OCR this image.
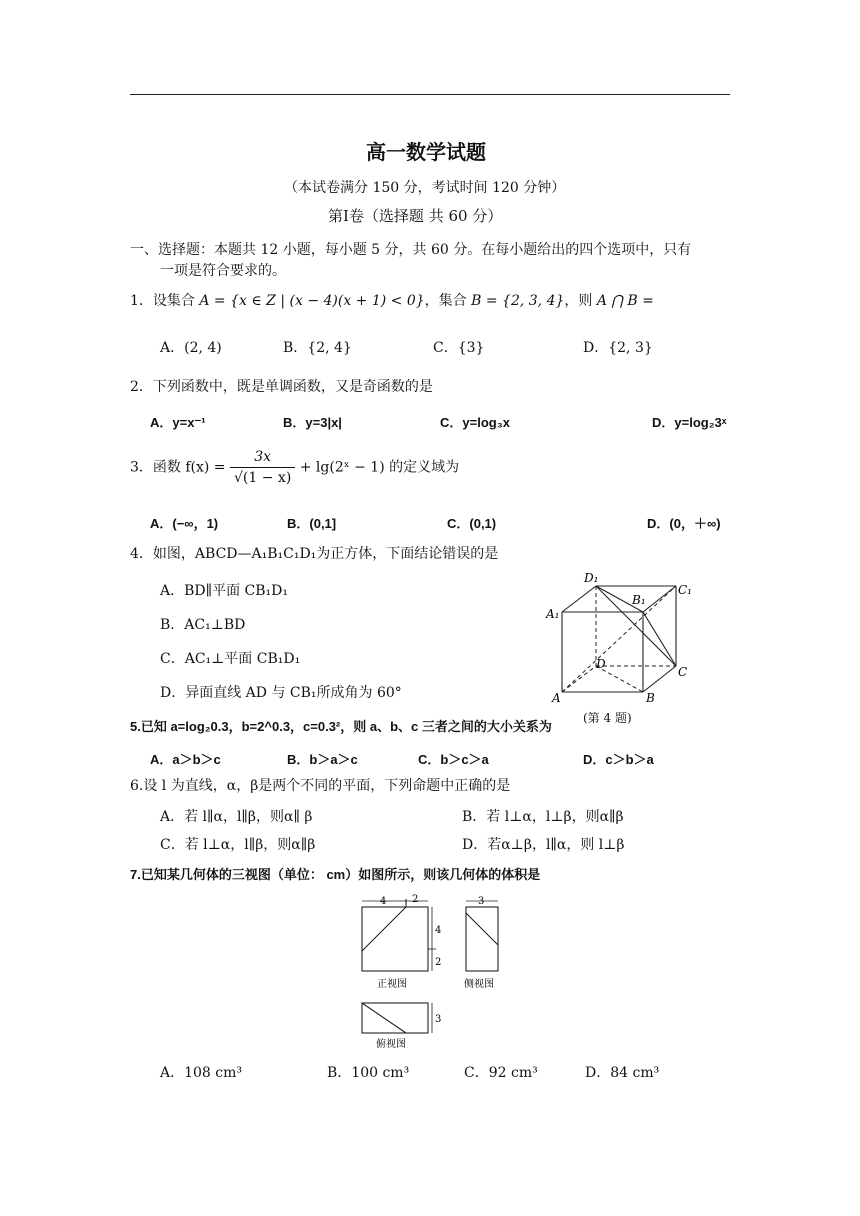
高一数学试题
（本试卷满分 150 分，考试时间 120 分钟）
第Ⅰ卷（选择题 共 60 分）
一、选择题：本题共 12 小题，每小题 5 分，共 60 分。在每小题给出的四个选项中，只有
一项是符合要求的。
1．设集合 A = {x ∈ Z | (x − 4)(x + 1) < 0}，集合 B = {2, 3, 4}，则 A ⋂ B =
A．(2, 4)	B．{2, 4}	C．{3}	D．{2, 3}
2．下列函数中，既是单调函数，又是奇函数的是
A．y=x⁻¹	B．y=3|x|	C．y=log₃x	D．y=log₂3ˣ
3．函数 $f(x) = \frac{3x}{√(1 - x)}$ + lg(2ˣ − 1) 的定义域为
A．(−∞，1)	B．(0,1]	C．(0,1)	D．(0，＋∞)
4．如图，ABCD—A₁B₁C₁D₁为正方体，下面结论错误的是
A．BD∥平面 CB₁D₁
B．AC₁⊥BD
C．AC₁⊥平面 CB₁D₁
D．异面直线 AD 与 CB₁所成角为 60°
D₁
C₁
B₁
A₁
D
C
A	B
5.已知 a=log₂0.3，b=2^0.3，c=0.3²，则 a、b、c 三者之间的大小关系为
(第 4 题)
A．a＞b＞c	B．b＞a＞c	C．b＞c＞a	D．c＞b＞a
6.设 l 为直线，α，β是两个不同的平面，下列命题中正确的是
A．若 l∥α，l∥β，则α∥ β	B．若 l⊥α，l⊥β，则α∥β
C．若 l⊥α，l∥β，则α∥β	D．若α⊥β，l∥α，则 l⊥β
7.已知某几何体的三视图（单位： cm）如图所示，则该几何体的体积是
4	2
4
2
3
3
正视图	侧视图
俯视图
A．108 cm³	B．100 cm³	C．92 cm³	D．84 cm³
